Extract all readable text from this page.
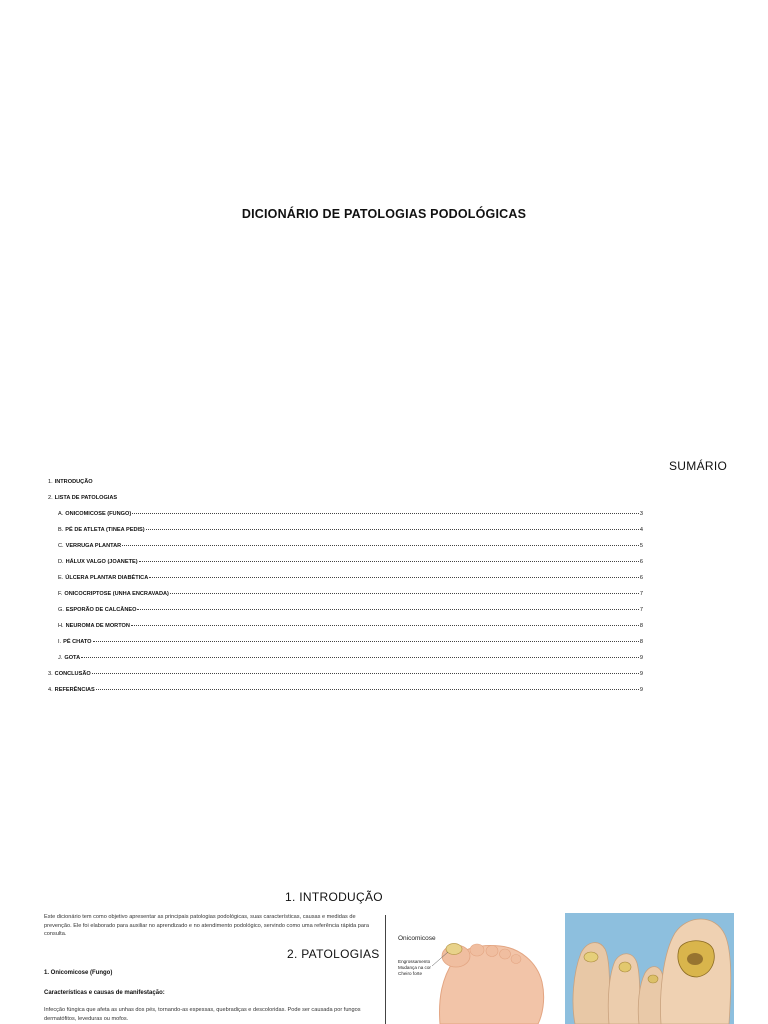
DICIONÁRIO DE PATOLOGIAS PODOLÓGICAS
SUMÁRIO
1. INTRODUÇÃO
2. LISTA DE PATOLOGIAS
A. ONICOMICOSE (FUNGO)	3
B. PÉ DE ATLETA (TINEA PEDIS)	4
C. VERRUGA PLANTAR	5
D. HÁLUX VALGO (JOANETE)	6
E. ÚLCERA PLANTAR DIABÉTICA	6
F. ONICOCRIPTOSE (UNHA ENCRAVADA)	7
G. ESPORÃO DE CALCÂNEO	7
H. NEUROMA DE MORTON	8
I. PÉ CHATO	8
J. GOTA	9
3. CONCLUSÃO	9
4. REFERÊNCIAS	9
1. INTRODUÇÃO
Este dicionário tem como objetivo apresentar as principais patologias podológicas, suas características, causas e medidas de prevenção. Ele foi elaborado para auxiliar no aprendizado e no atendimento podológico, servindo como uma referência rápida para consulta.
2. PATOLOGIAS
1. Onicomicose (Fungo)
Características e causas de manifestação:
Infecção fúngica que afeta as unhas dos pés, tornando-as espessas, quebradiças e descoloridas. Pode ser causada por fungos dermatófitos, leveduras ou mofos.
Onicomicose
Engrossamento
Mudança na cor
Cheiro forte
